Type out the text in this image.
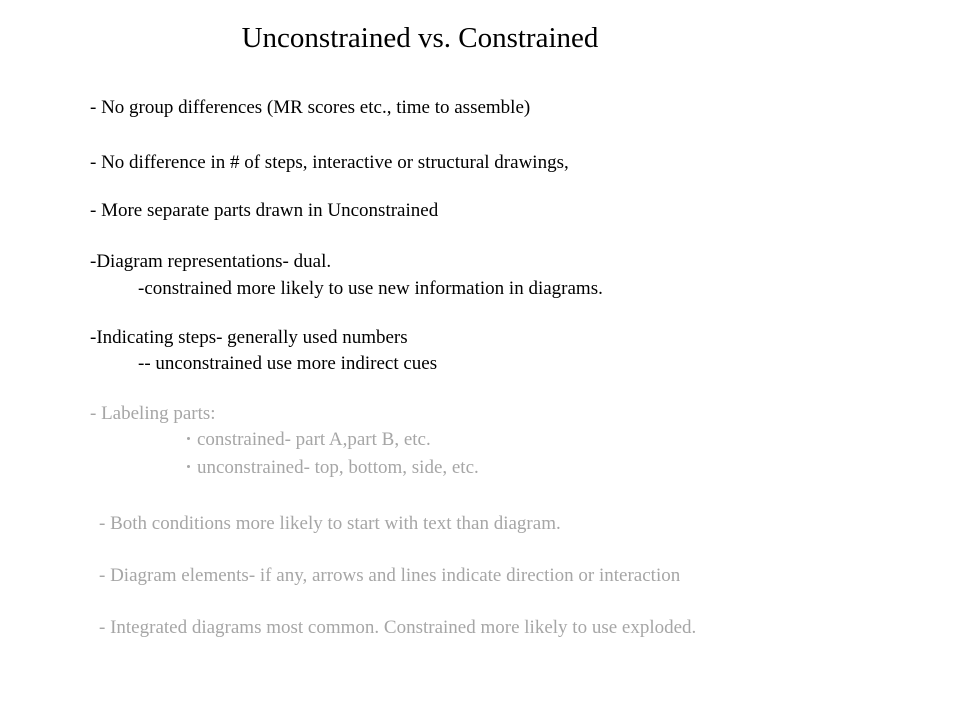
Unconstrained vs. Constrained
- No group differences (MR scores etc., time to assemble)
- No difference in # of steps, interactive or structural drawings,
- More separate parts drawn in Unconstrained
-Diagram representations- dual.
-constrained more likely to use new information in diagrams.
-Indicating steps- generally used numbers
-- unconstrained use more indirect cues
- Labeling parts:
constrained- part A,part B, etc.
unconstrained- top, bottom, side, etc.
- Both conditions more likely to start with text than diagram.
- Diagram elements- if any, arrows and lines indicate direction or interaction
- Integrated diagrams most common. Constrained more likely to use exploded.
